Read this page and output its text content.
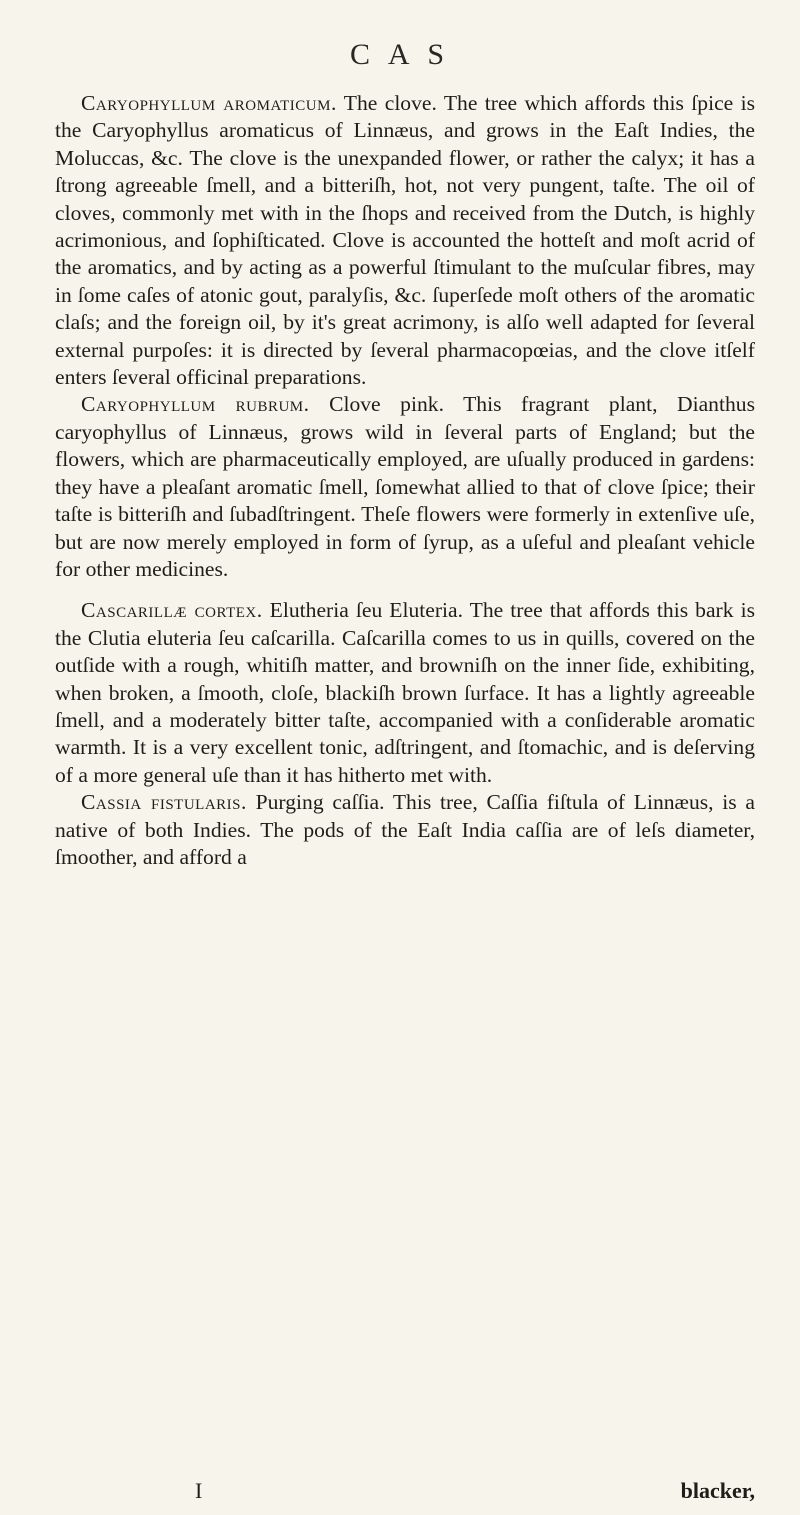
C A S

Caryophyllum aromaticum. The clove. The tree which affords this ſpice is the Caryophyllus aromaticus of Linnæus, and grows in the Eaſt Indies, the Moluccas, &c. The clove is the unexpanded flower, or rather the calyx; it has a ſtrong agreeable ſmell, and a bitteriſh, hot, not very pungent, taſte. The oil of cloves, commonly met with in the ſhops and received from the Dutch, is highly acrimonious, and ſophiſticated. Clove is accounted the hotteſt and moſt acrid of the aromatics, and by acting as a powerful ſtimulant to the muſcular fibres, may in ſome caſes of atonic gout, paralyſis, &c. ſuperſede moſt others of the aromatic claſs; and the foreign oil, by it's great acrimony, is alſo well adapted for ſeveral external purpoſes: it is directed by ſeveral pharmacopœias, and the clove itſelf enters ſeveral officinal preparations.

Caryophyllum rubrum. Clove pink. This fragrant plant, Dianthus caryophyllus of Linnæus, grows wild in ſeveral parts of England; but the flowers, which are pharmaceutically employed, are uſually produced in gardens: they have a pleaſant aromatic ſmell, ſomewhat allied to that of clove ſpice; their taſte is bitteriſh and ſubadſtringent. Theſe flowers were formerly in extenſive uſe, but are now merely employed in form of ſyrup, as a uſeful and pleaſant vehicle for other medicines.

Cascarillæ cortex. Elutheria ſeu Eluteria. The tree that affords this bark is the Clutia eluteria ſeu caſcarilla. Caſcarilla comes to us in quills, covered on the outſide with a rough, whitiſh matter, and browniſh on the inner ſide, exhibiting, when broken, a ſmooth, cloſe, blackiſh brown ſurface. It has a lightly agreeable ſmell, and a moderately bitter taſte, accompanied with a conſiderable aromatic warmth. It is a very excellent tonic, adſtringent, and ſtomachic, and is deſerving of a more general uſe than it has hitherto met with.

Cassia fistularis. Purging caſſia. This tree, Caſſia fiſtula of Linnæus, is a native of both Indies. The pods of the Eaſt India caſſia are of leſs diameter, ſmoother, and afford a

I	blacker,
